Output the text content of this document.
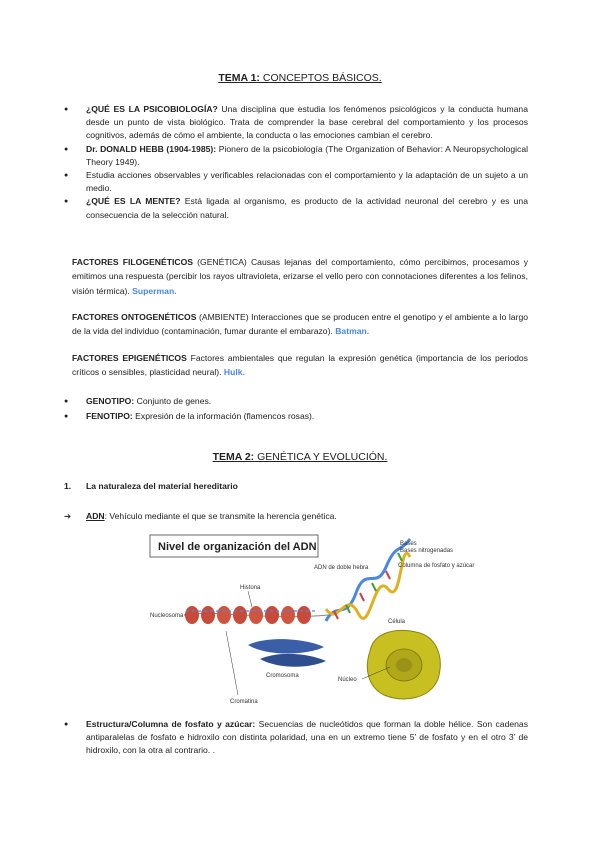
TEMA 1: CONCEPTOS BÁSICOS.
● ¿QUÉ ES LA PSICOBIOLOGÍA? Una disciplina que estudia los fenómenos psicológicos y la conducta humana desde un punto de vista biológico. Trata de comprender la base cerebral del comportamiento y los procesos cognitivos, además de cómo el ambiente, la conducta o las emociones cambian el cerebro.
● Dr. DONALD HEBB (1904-1985): Pionero de la psicobiología (The Organization of Behavior: A Neuropsychological Theory 1949).
● Estudia acciones observables y verificables relacionadas con el comportamiento y la adaptación de un sujeto a un medio.
● ¿QUÉ ES LA MENTE? Está ligada al organismo, es producto de la actividad neuronal del cerebro y es una consecuencia de la selección natural.

FACTORES FILOGENÉTICOS (GENÉTICA) Causas lejanas del comportamiento, cómo percibimos, procesamos y emitimos una respuesta (percibir los rayos ultravioleta, erizarse el vello pero con connotaciones diferentes a los felinos, visión térmica). Superman.

FACTORES ONTOGENÉTICOS (AMBIENTE) Interacciones que se producen entre el genotipo y el ambiente a lo largo de la vida del individuo (contaminación, fumar durante el embarazo). Batman.

FACTORES EPIGENÉTICOS Factores ambientales que regulan la expresión genética (importancia de los periodos críticos o sensibles, plasticidad neural). Hulk.

● GENOTIPO: Conjunto de genes.
● FENOTIPO: Expresión de la información (flamencos rosas).
TEMA 2: GENÉTICA Y EVOLUCIÓN.
1. La naturaleza del material hereditario
➔ ADN: Vehículo mediante el que se transmite la herencia genética.
Nivel de organización del ADN	Bases
Bases nitrogenadas
ADN de doble hebra	Columna de fosfato y azúcar
Histona
Nucleosoma
Célula
Cromosoma
Núcleo
Cromatina
● Estructura/Columna de fosfato y azúcar: Secuencias de nucleótidos que forman la doble hélice. Son cadenas antiparalelas de fosfato e hidroxilo con distinta polaridad, una en un extremo tiene 5’ de fosfato y en el otro 3’ de hidroxilo, con la otra al contrario. .
